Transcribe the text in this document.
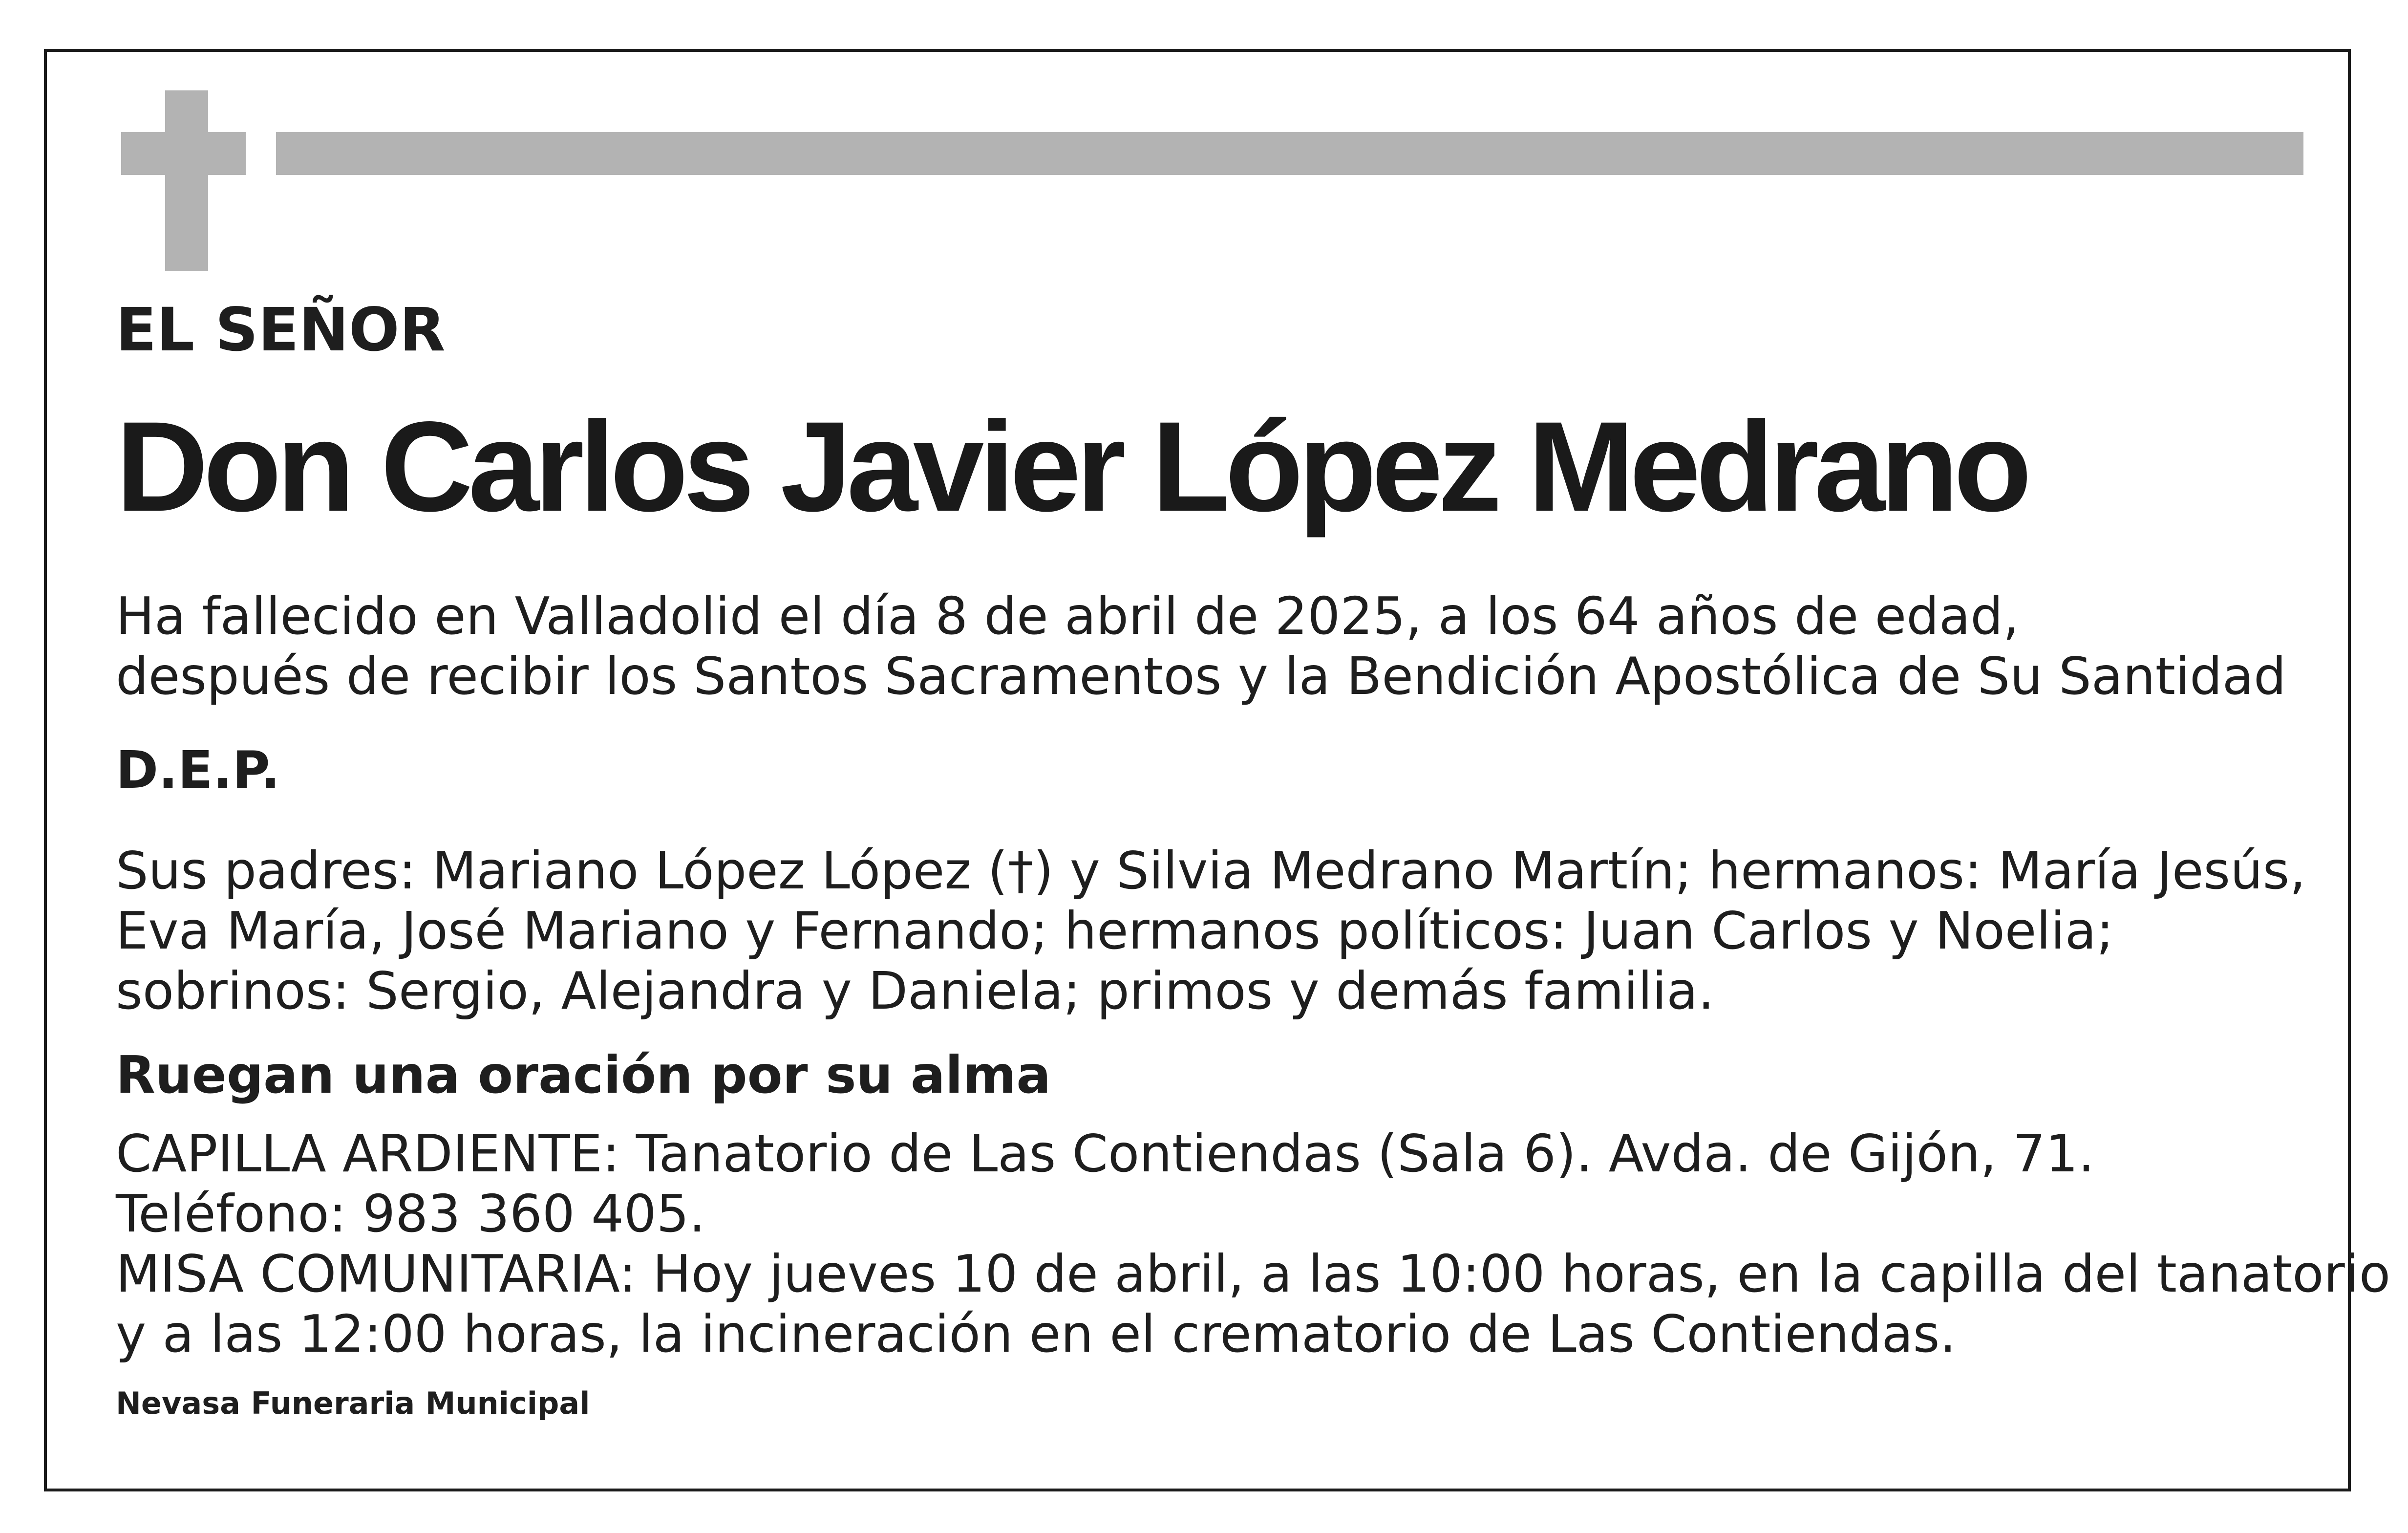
EL SEÑOR

Don Carlos Javier López Medrano

Ha fallecido en Valladolid el día 8 de abril de 2025, a los 64 años de edad,
después de recibir los Santos Sacramentos y la Bendición Apostólica de Su Santidad

D.E.P.

Sus padres: Mariano López López (†) y Silvia Medrano Martín; hermanos: María Jesús,
Eva María, José Mariano y Fernando; hermanos políticos: Juan Carlos y Noelia;
sobrinos: Sergio, Alejandra y Daniela; primos y demás familia.

Ruegan una oración por su alma

CAPILLA ARDIENTE: Tanatorio de Las Contiendas (Sala 6). Avda. de Gijón, 71.
Teléfono: 983 360 405.
MISA COMUNITARIA: Hoy jueves 10 de abril, a las 10:00 horas, en la capilla del tanatorio
y a las 12:00 horas, la incineración en el crematorio de Las Contiendas.

Nevasa Funeraria Municipal
